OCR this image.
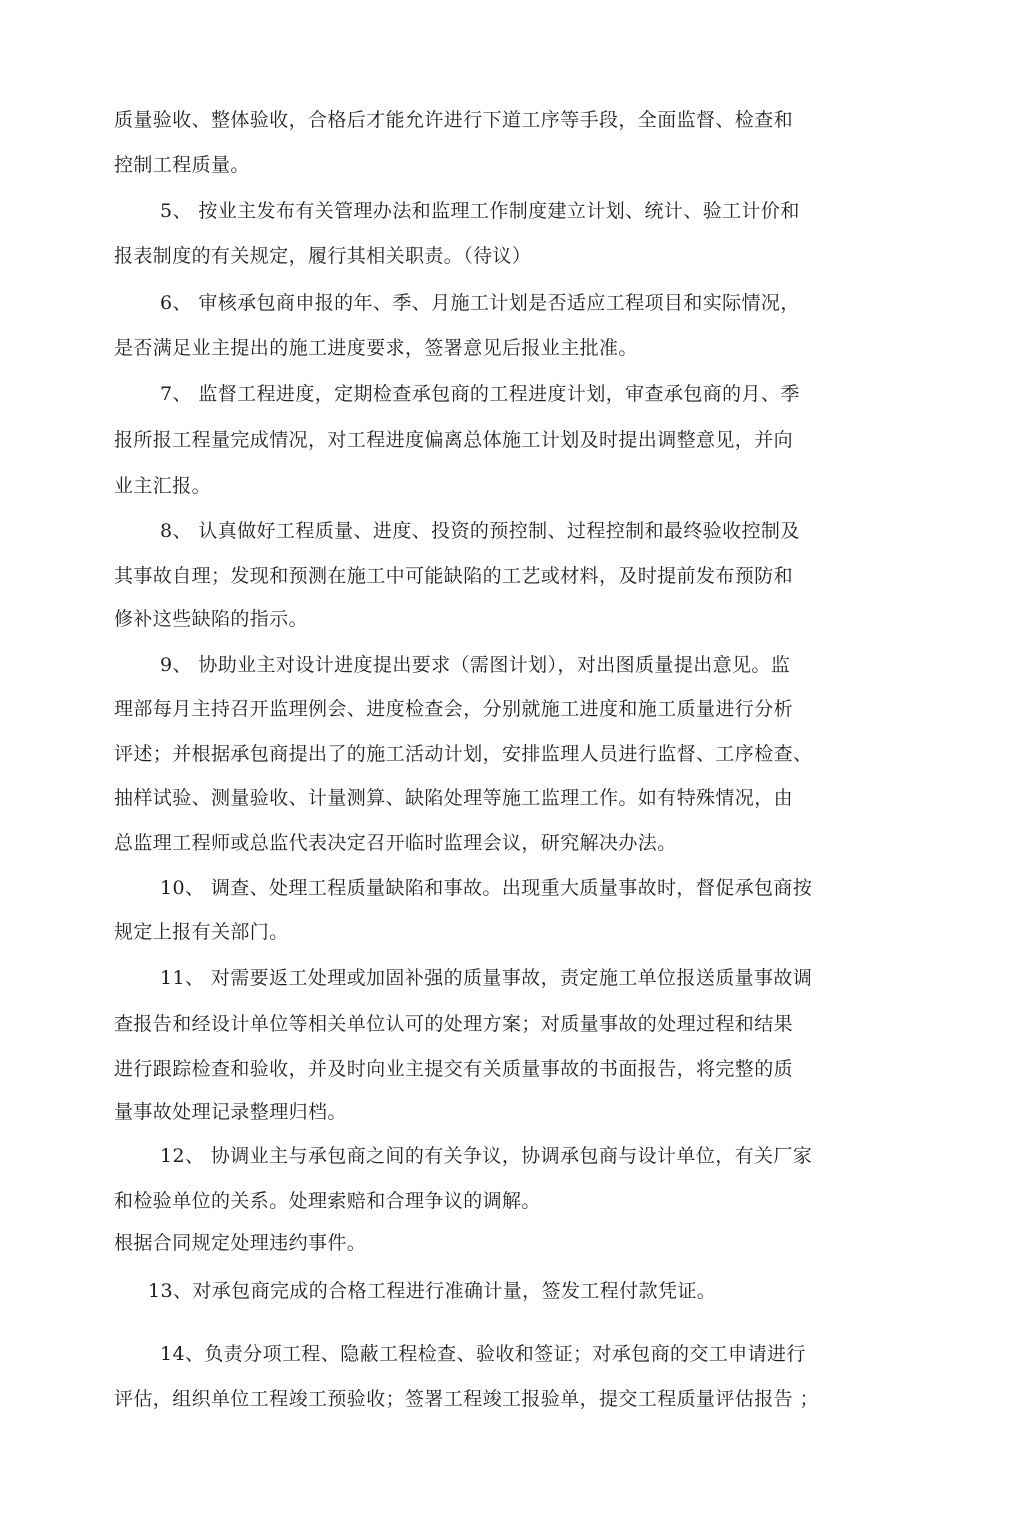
质量验收、整体验收，合格后才能允许进行下道工序等手段，全面监督、检查和

控制工程质量。

5、 按业主发布有关管理办法和监理工作制度建立计划、统计、验工计价和

报表制度的有关规定，履行其相关职责。（待议）

6、 审核承包商申报的年、季、月施工计划是否适应工程项目和实际情况，

是否满足业主提出的施工进度要求，签署意见后报业主批准。

7、 监督工程进度，定期检查承包商的工程进度计划，审查承包商的月、季

报所报工程量完成情况，对工程进度偏离总体施工计划及时提出调整意见，并向

业主汇报。

8、 认真做好工程质量、进度、投资的预控制、过程控制和最终验收控制及

其事故自理；发现和预测在施工中可能缺陷的工艺或材料，及时提前发布预防和

修补这些缺陷的指示。

9、 协助业主对设计进度提出要求（需图计划），对出图质量提出意见。监

理部每月主持召开监理例会、进度检查会，分别就施工进度和施工质量进行分析

评述；并根据承包商提出了的施工活动计划，安排监理人员进行监督、工序检查、

抽样试验、测量验收、计量测算、缺陷处理等施工监理工作。如有特殊情况，由

总监理工程师或总监代表决定召开临时监理会议，研究解决办法。

10、 调查、处理工程质量缺陷和事故。出现重大质量事故时，督促承包商按

规定上报有关部门。

11、 对需要返工处理或加固补强的质量事故，责定施工单位报送质量事故调

查报告和经设计单位等相关单位认可的处理方案；对质量事故的处理过程和结果

进行跟踪检查和验收，并及时向业主提交有关质量事故的书面报告，将完整的质

量事故处理记录整理归档。

12、 协调业主与承包商之间的有关争议，协调承包商与设计单位，有关厂家

和检验单位的关系。处理索赔和合理争议的调解。

根据合同规定处理违约事件。

13、对承包商完成的合格工程进行准确计量，签发工程付款凭证。

14、负责分项工程、隐蔽工程检查、验收和签证；对承包商的交工申请进行

评估，组织单位工程竣工预验收；签署工程竣工报验单，提交工程质量评估报告 ；
